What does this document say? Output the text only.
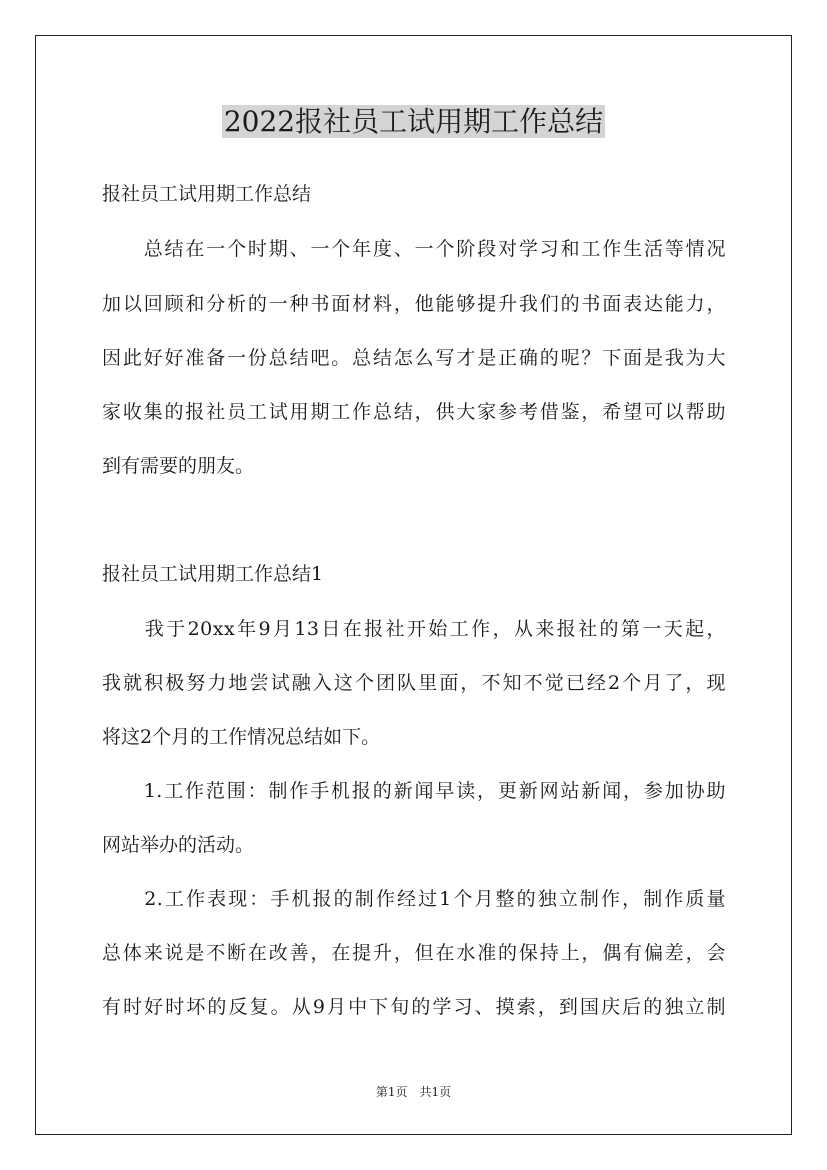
2022报社员工试用期工作总结
报社员工试用期工作总结
　　总结在一个时期、一个年度、一个阶段对学习和工作生活等情况
加以回顾和分析的一种书面材料，他能够提升我们的书面表达能力，
因此好好准备一份总结吧。总结怎么写才是正确的呢？下面是我为大
家收集的报社员工试用期工作总结，供大家参考借鉴，希望可以帮助
到有需要的朋友。
报社员工试用期工作总结1
　　我于20xx年9月13日在报社开始工作，从来报社的第一天起，
我就积极努力地尝试融入这个团队里面，不知不觉已经2个月了，现
将这2个月的工作情况总结如下。
　　1.工作范围：制作手机报的新闻早读，更新网站新闻，参加协助
网站举办的活动。
　　2.工作表现：手机报的制作经过1个月整的独立制作，制作质量
总体来说是不断在改善，在提升，但在水准的保持上，偶有偏差，会
有时好时坏的反复。从9月中下旬的学习、摸索，到国庆后的独立制
第1页　共1页
